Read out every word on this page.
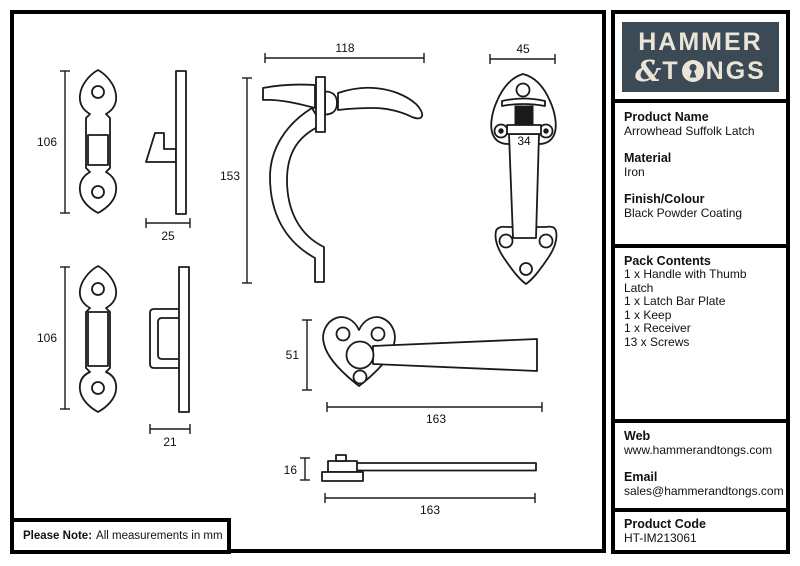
106
25
106
21
118
153
45
34
51
163
16
163
Please Note: All measurements in mm
HAMMER
& T NGS
Product Name
Arrowhead Suffolk Latch
Material
Iron
Finish/Colour
Black Powder Coating
Pack Contents
1 x Handle with Thumb Latch
1 x Latch Bar Plate
1 x Keep
1 x Receiver
13 x Screws
Web
www.hammerandtongs.com
Email
sales@hammerandtongs.com
Product Code
HT-IM213061
